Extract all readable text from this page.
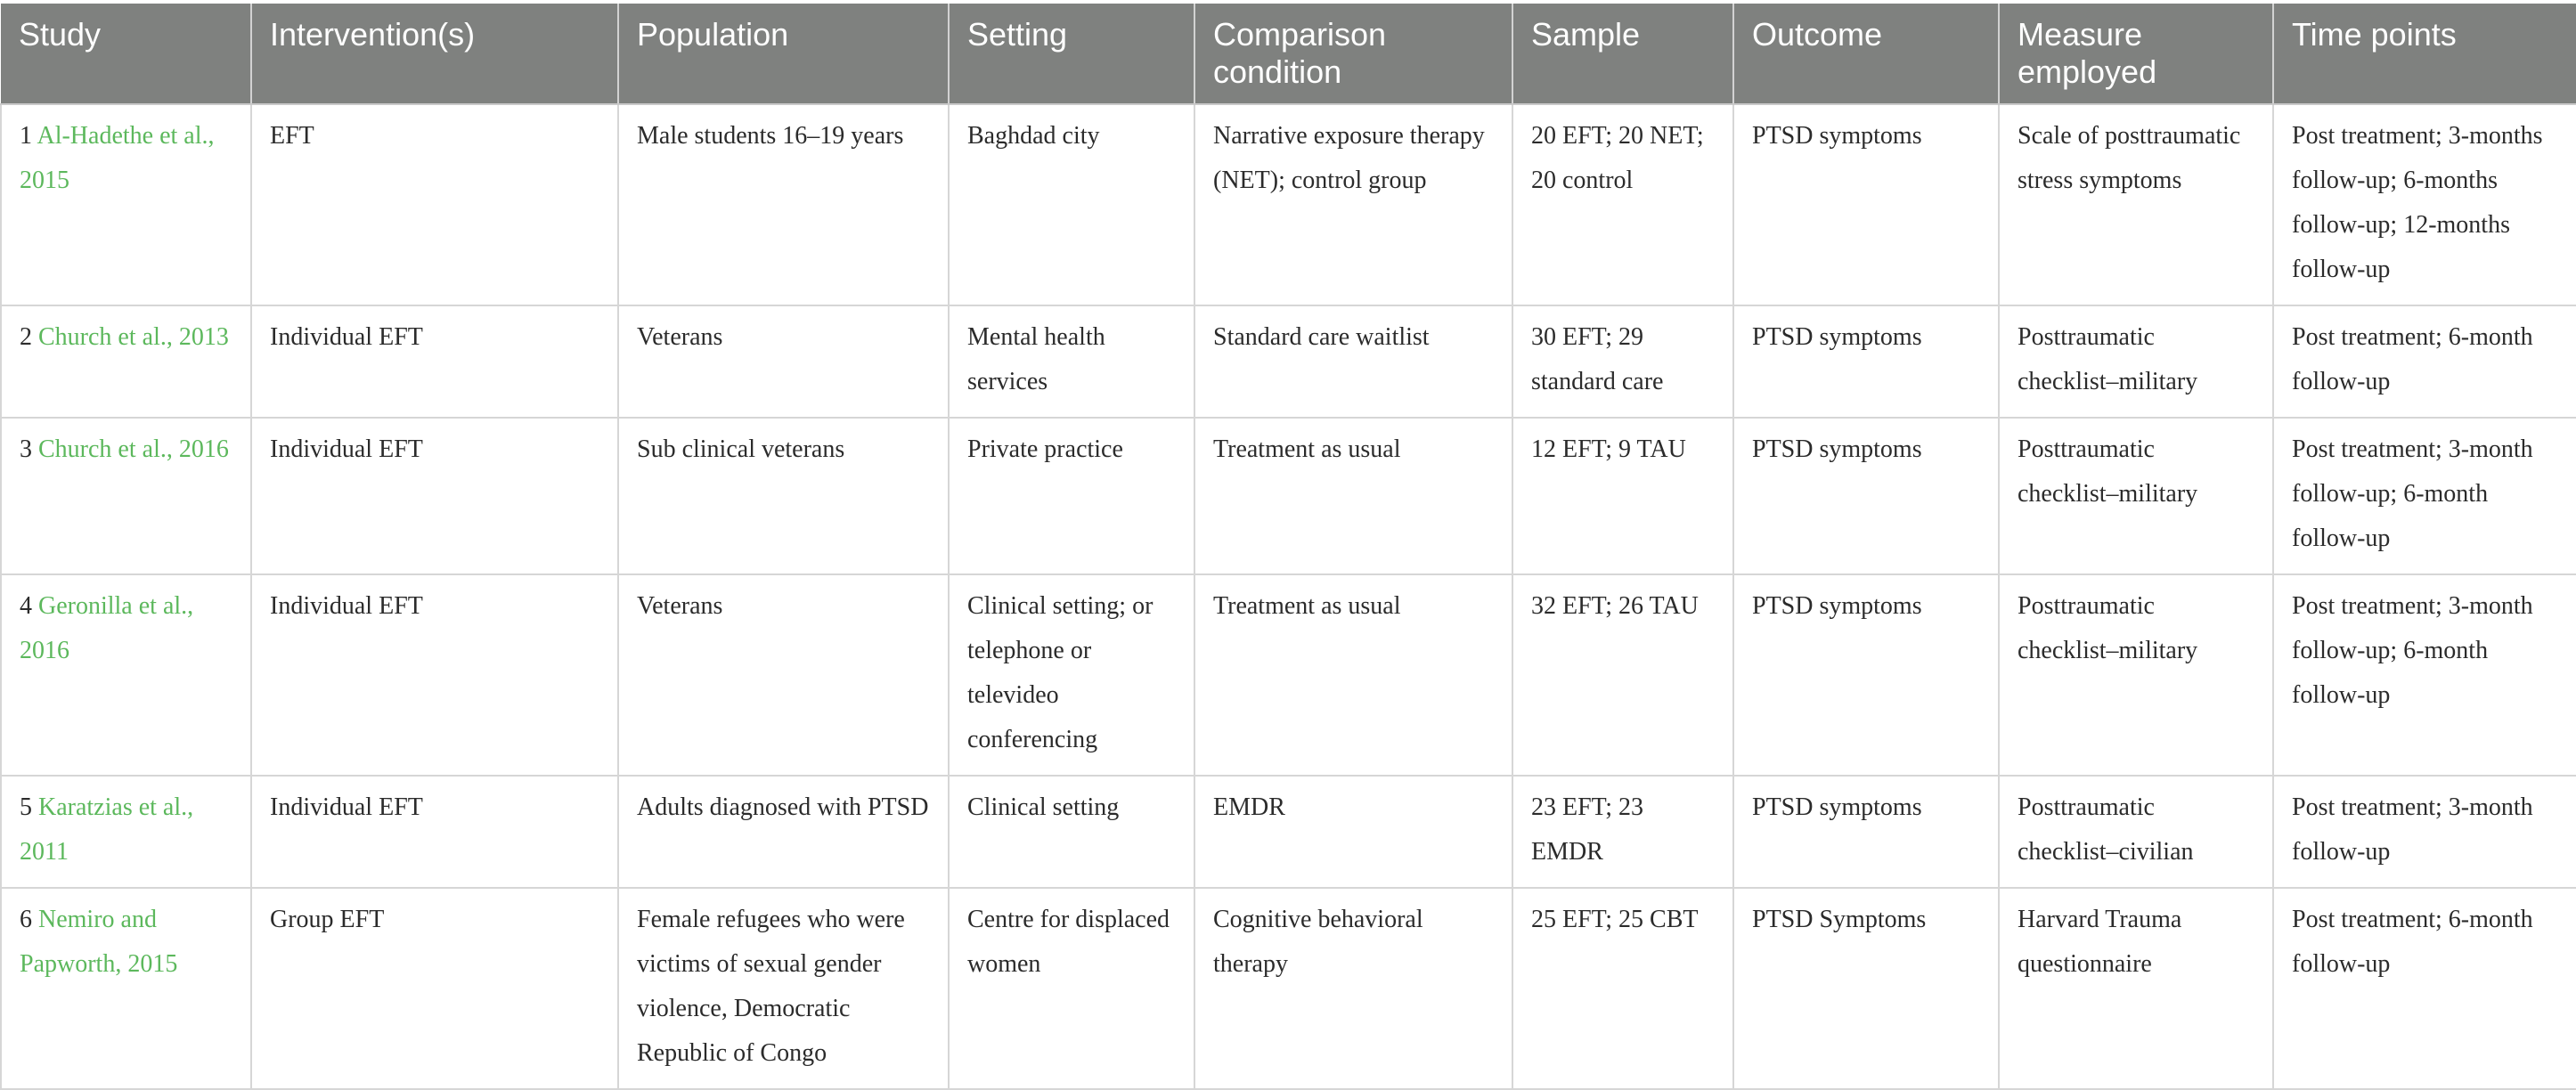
Study	Intervention(s)	Population	Setting	Comparison condition	Sample	Outcome	Measure employed	Time points
1 Al-Hadethe et al., 2015	EFT	Male students 16–19 years	Baghdad city	Narrative exposure therapy (NET); control group	20 EFT; 20 NET; 20 control	PTSD symptoms	Scale of posttraumatic stress symptoms	Post treatment; 3-months follow-up; 6-months follow-up; 12-months follow-up
2 Church et al., 2013	Individual EFT	Veterans	Mental health services	Standard care waitlist	30 EFT; 29 standard care	PTSD symptoms	Posttraumatic checklist–military	Post treatment; 6-month follow-up
3 Church et al., 2016	Individual EFT	Sub clinical veterans	Private practice	Treatment as usual	12 EFT; 9 TAU	PTSD symptoms	Posttraumatic checklist–military	Post treatment; 3-month follow-up; 6-month follow-up
4 Geronilla et al., 2016	Individual EFT	Veterans	Clinical setting; or telephone or televideo conferencing	Treatment as usual	32 EFT; 26 TAU	PTSD symptoms	Posttraumatic checklist–military	Post treatment; 3-month follow-up; 6-month follow-up
5 Karatzias et al., 2011	Individual EFT	Adults diagnosed with PTSD	Clinical setting	EMDR	23 EFT; 23 EMDR	PTSD symptoms	Posttraumatic checklist–civilian	Post treatment; 3-month follow-up
6 Nemiro and Papworth, 2015	Group EFT	Female refugees who were victims of sexual gender violence, Democratic Republic of Congo	Centre for displaced women	Cognitive behavioral therapy	25 EFT; 25 CBT	PTSD Symptoms	Harvard Trauma questionnaire	Post treatment; 6-month follow-up
